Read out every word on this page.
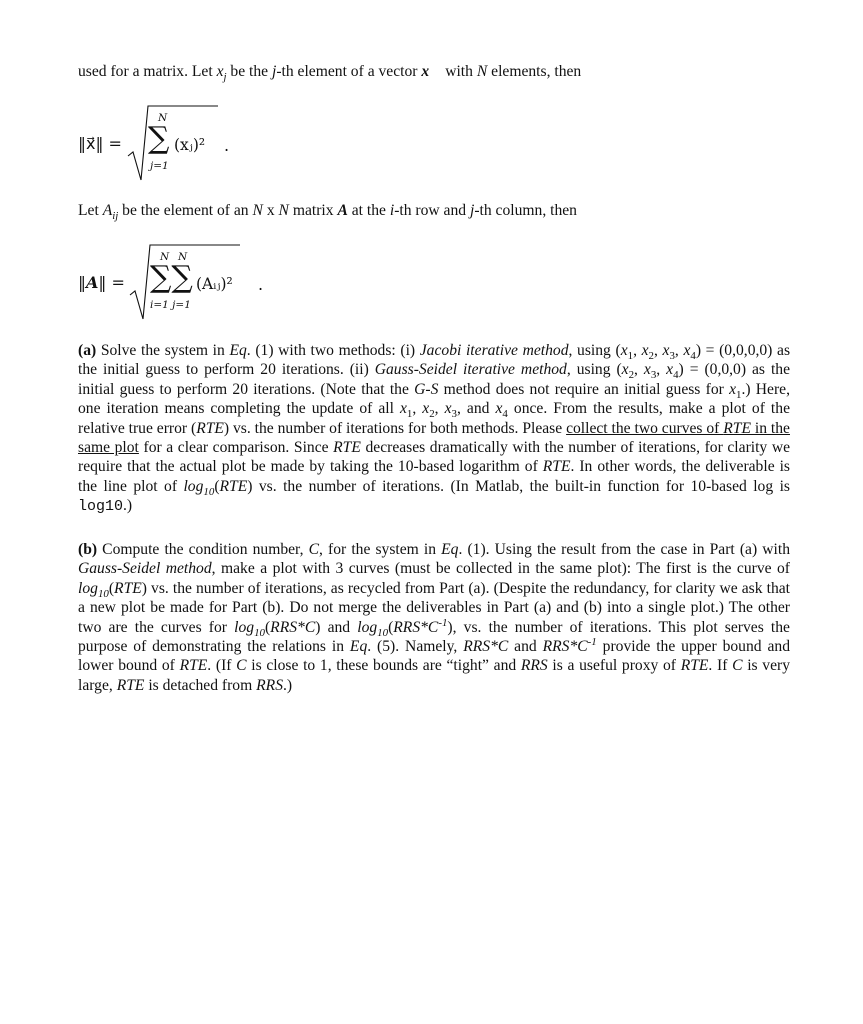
used for a matrix. Let $x_j$ be the j-th element of a vector x⃗ with N elements, then
‖x⃗‖ =
N
∑
j=1
(xⱼ)² .
Let $A_{ij}$ be the element of an N x N matrix A at the i-th row and j-th column, then
‖A‖ =
N N
∑∑
i=1 j=1
(Aᵢⱼ)² .
(a) Solve the system in Eq. (1) with two methods: (i) Jacobi iterative method, using ($x_1$, $x_2$, $x_3$, $x_4) = (0,0,0,0)$ as the initial guess to perform 20 iterations. (ii) Gauss-Seidel iterative method, using ($x_2$, $x_3$, $x_4) = (0,0,0)$ as the initial guess to perform 20 iterations. (Note that the G-S method does not require an initial guess for $x_1$.) Here, one iteration means completing the update of all $x_1$, $x_2$, $x_3$, and $x_4$ once. From the results, make a plot of the relative true error (RTE) vs. the number of iterations for both methods. Please collect the two curves of RTE in the same plot for a clear comparison. Since RTE decreases dramatically with the number of iterations, for clarity we require that the actual plot be made by taking the 10-based logarithm of RTE. In other words, the deliverable is the line plot of $\log_{10}(RTE)$ vs. the number of iterations. (In Matlab, the built-in function for 10-based log is log10.)
(b) Compute the condition number, C, for the system in Eq. (1). Using the result from the case in Part (a) with Gauss-Seidel method, make a plot with 3 curves (must be collected in the same plot): The first is the curve of $\log_{10}(RTE)$ vs. the number of iterations, as recycled from Part (a). (Despite the redundancy, for clarity we ask that a new plot be made for Part (b). Do not merge the deliverables in Part (a) and (b) into a single plot.) The other two are the curves for $\log_{10}(RRS*C)$ and $\log_{10}(RRS*C^{-1})$, vs. the number of iterations. This plot serves the purpose of demonstrating the relations in Eq. (5). Namely, RRS*C and $RRS*C^{-1}$ provide the upper bound and lower bound of RTE. (If C is close to 1, these bounds are “tight” and RRS is a useful proxy of RTE. If C is very large, RTE is detached from RRS.)
